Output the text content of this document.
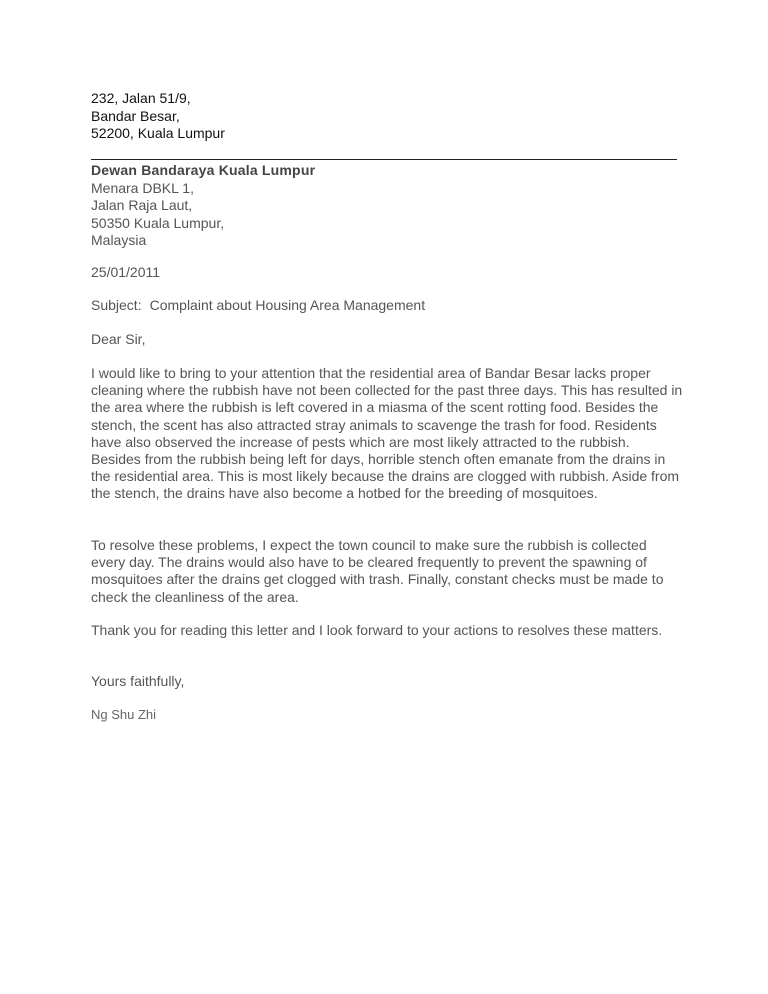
232, Jalan 51/9,
Bandar Besar,
52200, Kuala Lumpur
Dewan Bandaraya Kuala Lumpur
Menara DBKL 1,
Jalan Raja Laut,
50350 Kuala Lumpur,
Malaysia
25/01/2011
Subject: Complaint about Housing Area Management
Dear Sir,
I would like to bring to your attention that the residential area of Bandar Besar lacks proper cleaning where the rubbish have not been collected for the past three days. This has resulted in the area where the rubbish is left covered in a miasma of the scent rotting food. Besides the stench, the scent has also attracted stray animals to scavenge the trash for food. Residents have also observed the increase of pests which are most likely attracted to the rubbish. Besides from the rubbish being left for days, horrible stench often emanate from the drains in the residential area. This is most likely because the drains are clogged with rubbish. Aside from the stench, the drains have also become a hotbed for the breeding of mosquitoes.
To resolve these problems, I expect the town council to make sure the rubbish is collected every day. The drains would also have to be cleared frequently to prevent the spawning of mosquitoes after the drains get clogged with trash. Finally, constant checks must be made to check the cleanliness of the area.
Thank you for reading this letter and I look forward to your actions to resolves these matters.
Yours faithfully,
Ng Shu Zhi
